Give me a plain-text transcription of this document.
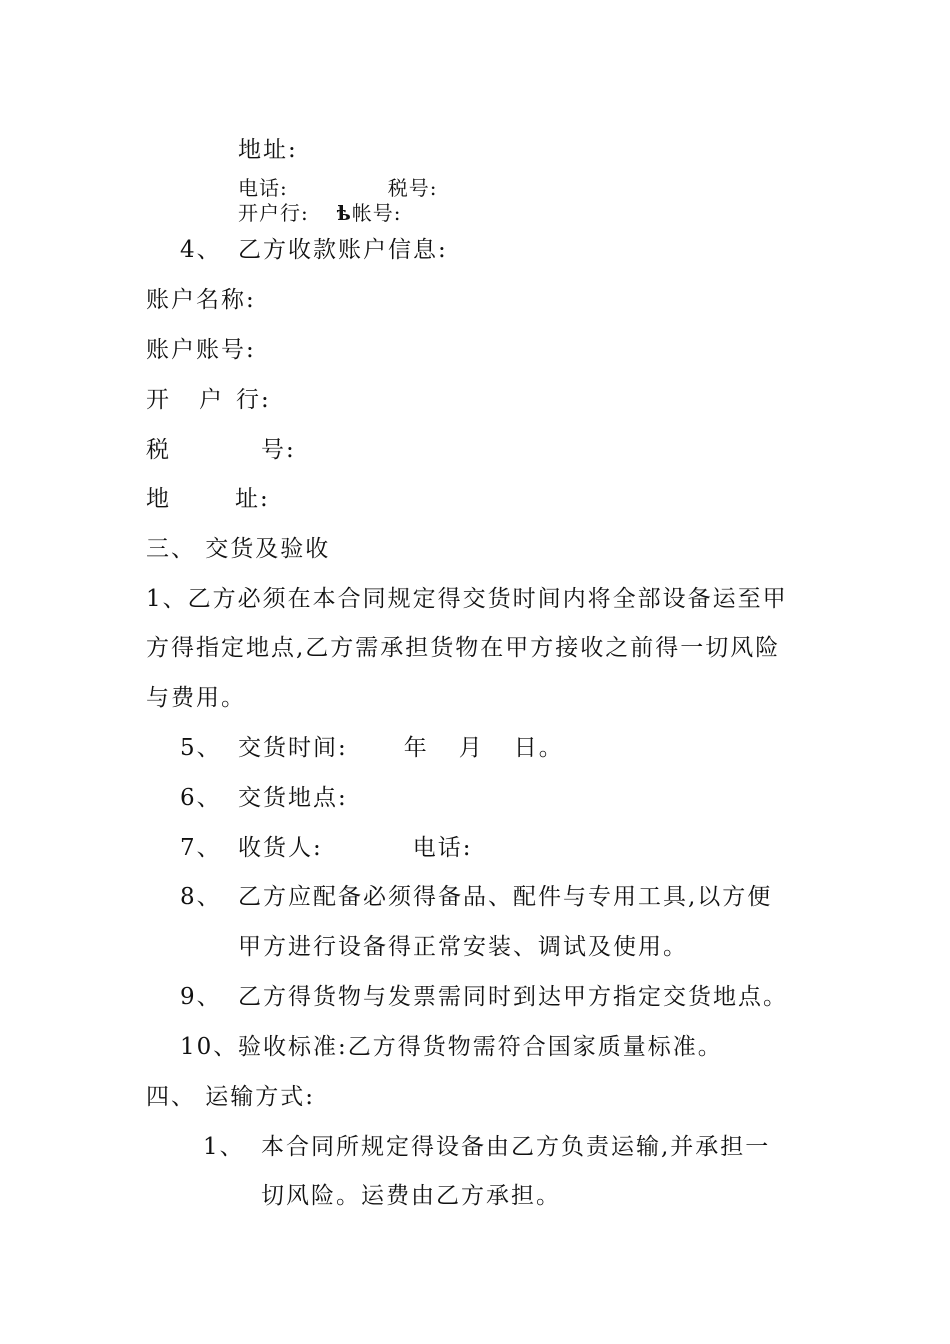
地址:
电话:	税号:
开户行: ѣ帐号:
4、 乙方收款账户信息:
账户名称:
账户账号:
开 户 行:
税	号:
地	址:
三、 交货及验收
1、乙方必须在本合同规定得交货时间内将全部设备运至甲
方得指定地点,乙方需承担货物在甲方接收之前得一切风险
与费用。
5、 交货时间: 年 月 日。
6、 交货地点:
7、 收货人:	电话:
8、 乙方应配备必须得备品、配件与专用工具,以方便
甲方进行设备得正常安装、调试及使用。
9、 乙方得货物与发票需同时到达甲方指定交货地点。
10、验收标准:乙方得货物需符合国家质量标准。
四、 运输方式:
1、 本合同所规定得设备由乙方负责运输,并承担一
切风险。运费由乙方承担。
